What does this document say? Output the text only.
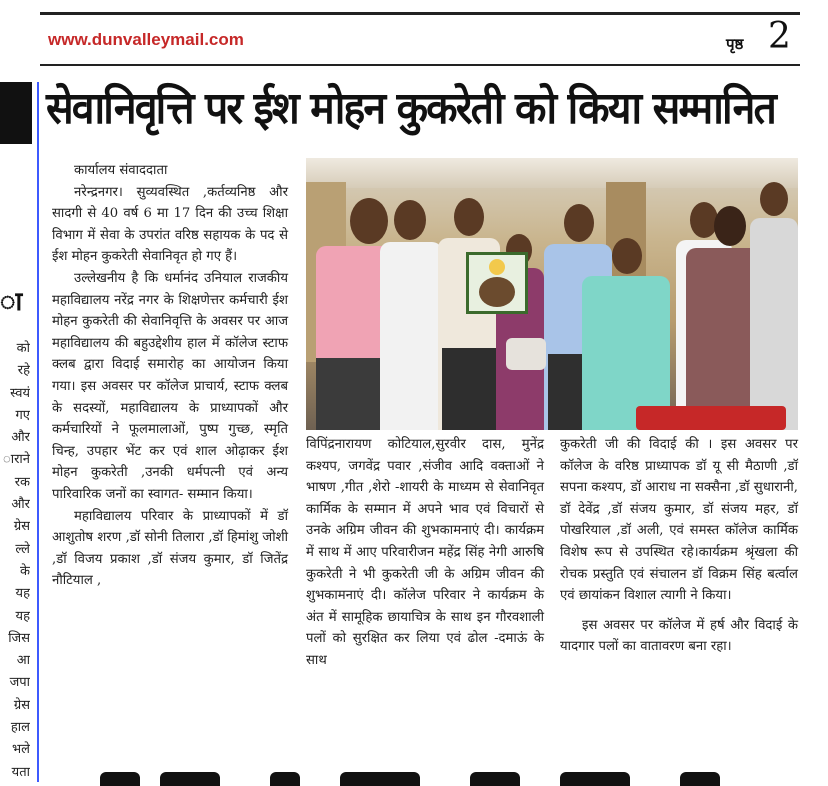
www.dunvalleymail.com	पृष्ठ 2
ा
को
रहे
स्वयं
गए
और
ाराने
रक
और
ग्रेस
ल्ले
के
यह
यह
जिस
आ
जपा
ग्रेस
हाल
भले
यता
सेवानिवृत्ति पर ईश मोहन कुकरेती को किया सम्मानित

कार्यालय संवाददाता

नरेन्द्रनगर। सुव्यवस्थित ,कर्तव्यनिष्ठ और सादगी से 40 वर्ष 6 मा 17 दिन की उच्च शिक्षा विभाग में सेवा के उपरांत वरिष्ठ सहायक के पद से ईश मोहन कुकरेती सेवानिवृत हो गए हैं।

उल्लेखनीय है कि धर्मानंद उनियाल राजकीय महाविद्यालय नरेंद्र नगर के शिक्षणेत्तर कर्मचारी ईश मोहन कुकरेती की सेवानिवृत्ति के अवसर पर आज महाविद्यालय की बहुउद्देशीय हाल में कॉलेज स्टाफ क्लब द्वारा विदाई समारोह का आयोजन किया गया। इस अवसर पर कॉलेज प्राचार्य, स्टाफ क्लब के सदस्यों, महाविद्यालय के प्राध्यापकों और कर्मचारियों ने फूलमालाओं, पुष्प गुच्छ, स्मृति चिन्ह, उपहार भेंट कर एवं शाल ओढ़ाकर ईश मोहन कुकरेती ,उनकी धर्मपत्नी एवं अन्य पारिवारिक जनों का स्वागत- सम्मान किया।

महाविद्यालय परिवार के प्राध्यापकों में डॉ आशुतोष शरण ,डॉ सोनी तिलारा ,डॉ हिमांशु जोशी ,डॉ विजय प्रकाश ,डॉ संजय कुमार, डॉ जितेंद्र नौटियाल ,

विपिंद्रनारायण कोटियाल,सुरवीर दास, मुनेंद्र कश्यप, जगवेंद्र पवार ,संजीव आदि वक्ताओं ने भाषण ,गीत ,शेरो -शायरी के माध्यम से सेवानिवृत कार्मिक के सम्मान में अपने भाव एवं विचारों से उनके अग्रिम जीवन की शुभकामनाएं दी। कार्यक्रम में साथ में आए परिवारीजन महेंद्र सिंह नेगी आरुषि कुकरेती ने भी कुकरेती जी के अग्रिम जीवन की शुभकामनाएं दी। कॉलेज परिवार ने कार्यक्रम के अंत में सामूहिक छायाचित्र के साथ इन गौरवशाली पलों को सुरक्षित कर लिया एवं ढोल -दमाऊं के साथ

कुकरेती जी की विदाई की । इस अवसर पर कॉलेज के वरिष्ठ प्राध्यापक डॉ यू सी मैठाणी ,डॉ सपना कश्यप, डॉ आराध ना सक्सैना ,डॉ सुधारानी, डॉ देवेंद्र ,डॉ संजय कुमार, डॉ संजय महर, डॉ पोखरियाल ,डॉ अली, एवं समस्त कॉलेज कार्मिक विशेष रूप से उपस्थित रहे।कार्यक्रम श्रृंखला की रोचक प्रस्तुति एवं संचालन डॉ विक्रम सिंह बर्त्वाल एवं छायांकन विशाल त्यागी ने किया।

इस अवसर पर कॉलेज में हर्ष और विदाई के यादगार पलों का वातावरण बना रहा।
